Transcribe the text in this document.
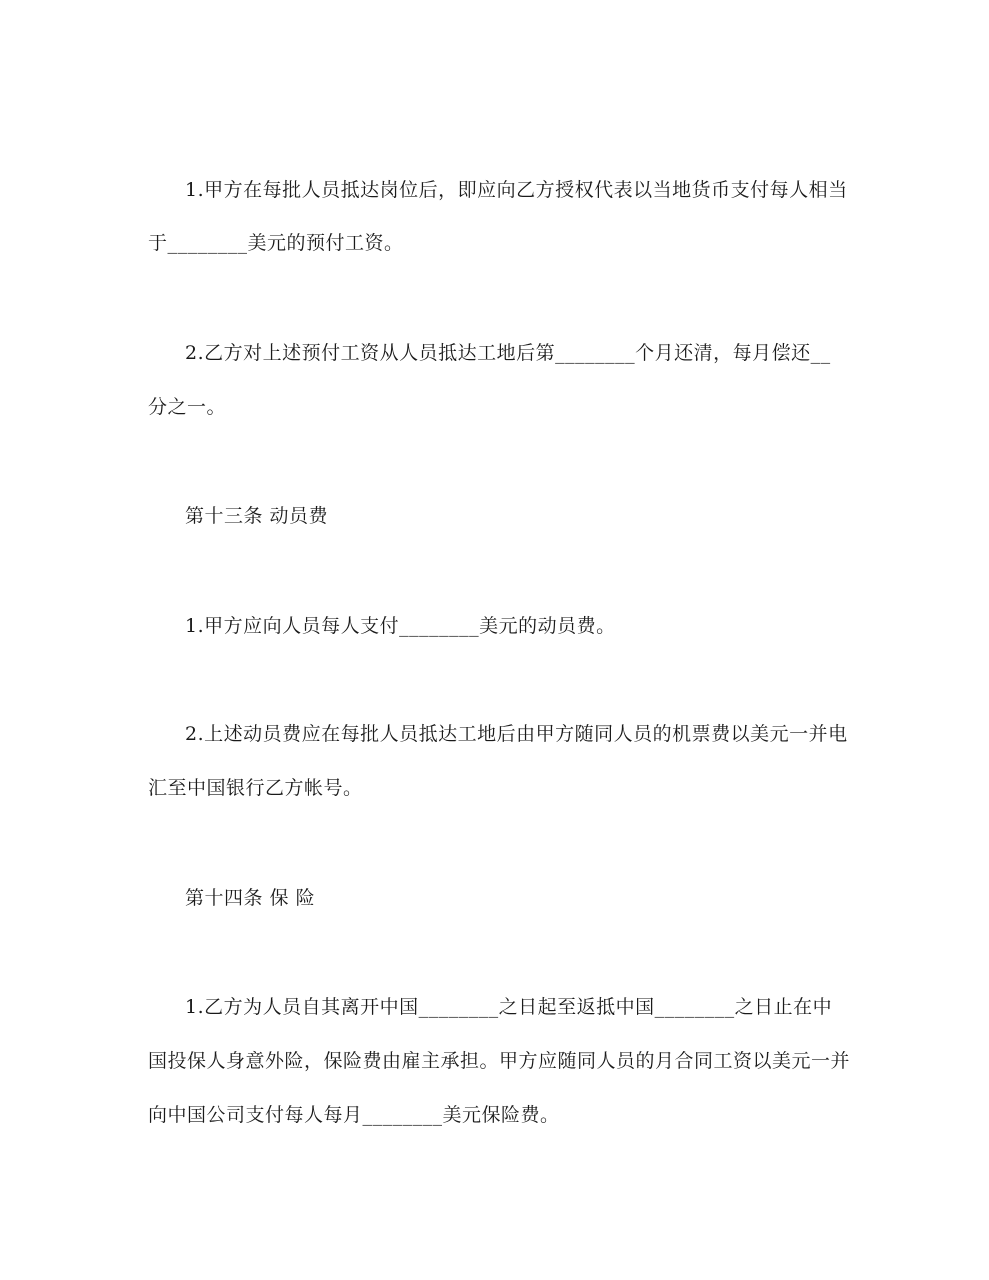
1.甲方在每批人员抵达岗位后，即应向乙方授权代表以当地货币支付每人相当
于________美元的预付工资。
2.乙方对上述预付工资从人员抵达工地后第________个月还清，每月偿还__
分之一。
第十三条 动员费
1.甲方应向人员每人支付________美元的动员费。
2.上述动员费应在每批人员抵达工地后由甲方随同人员的机票费以美元一并电
汇至中国银行乙方帐号。
第十四条 保 险
1.乙方为人员自其离开中国________之日起至返抵中国________之日止在中
国投保人身意外险，保险费由雇主承担。甲方应随同人员的月合同工资以美元一并
向中国公司支付每人每月________美元保险费。
